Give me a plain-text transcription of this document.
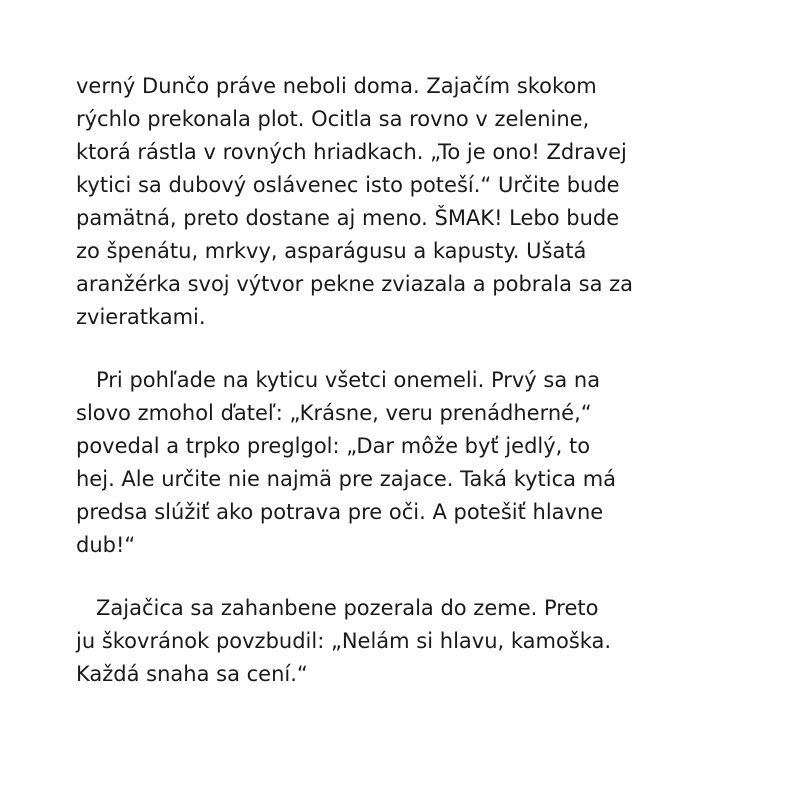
verný Dunčo práve neboli doma. Zajačím skokom
rýchlo prekonala plot. Ocitla sa rovno v zelenine,
ktorá rástla v rovných hriadkach. „To je ono! Zdravej
kytici sa dubový oslávenec isto poteší.“ Určite bude
pamätná, preto dostane aj meno. ŠMAK! Lebo bude
zo špenátu, mrkvy, asparágusu a kapusty. Ušatá
aranžérka svoj výtvor pekne zviazala a pobrala sa za
zvieratkami.
Pri pohľade na kyticu všetci onemeli. Prvý sa na
slovo zmohol ďateľ: „Krásne, veru prenádherné,“
povedal a trpko preglgol: „Dar môže byť jedlý, to
hej. Ale určite nie najmä pre zajace. Taká kytica má
predsa slúžiť ako potrava pre oči. A potešiť hlavne
dub!“
Zajačica sa zahanbene pozerala do zeme. Preto
ju škovránok povzbudil: „Nelám si hlavu, kamoška.
Každá snaha sa cení.“
